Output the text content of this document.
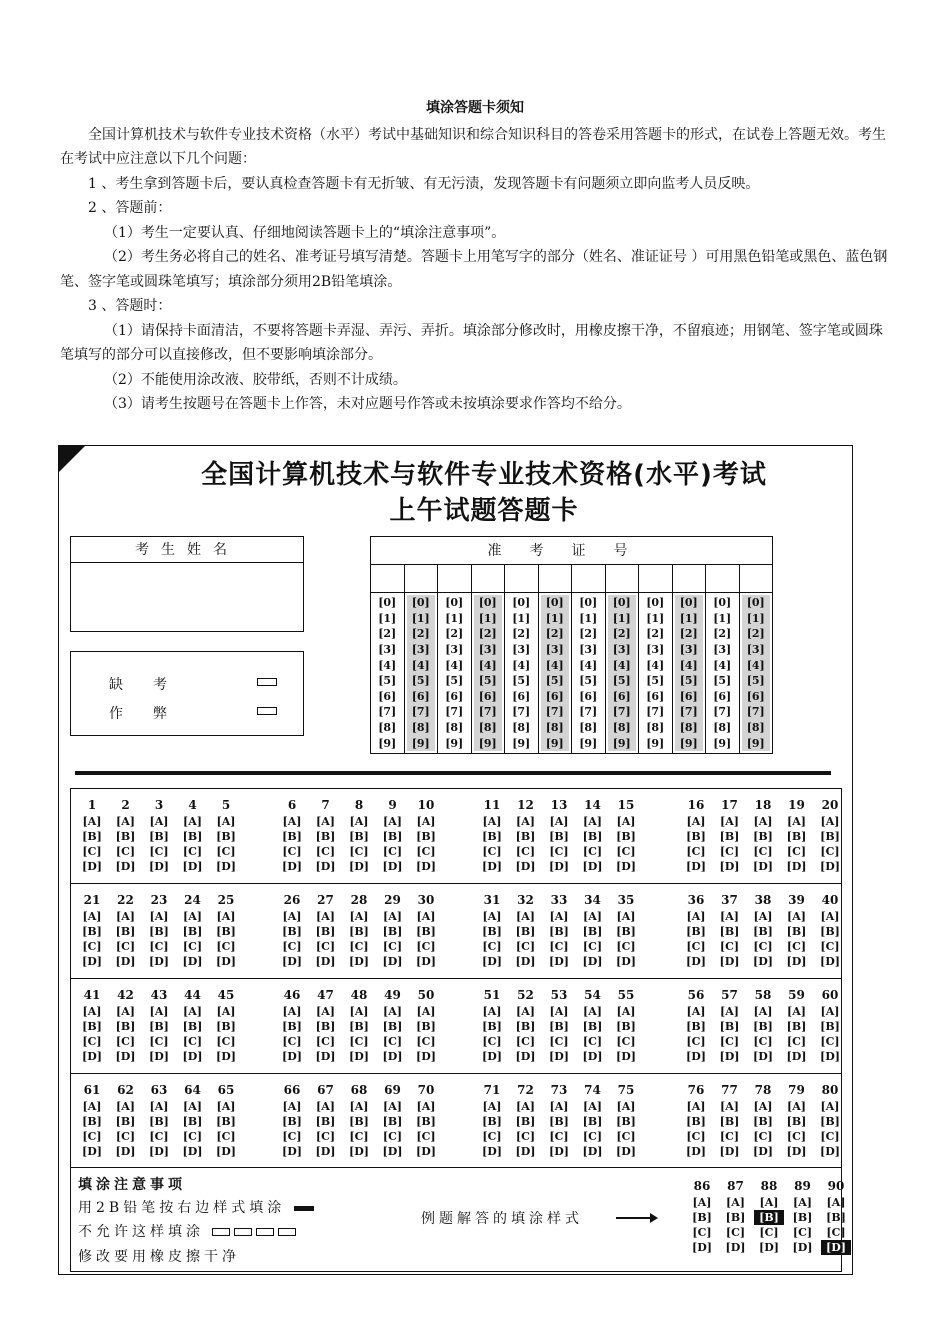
填涂答题卡须知

全国计算机技术与软件专业技术资格（水平）考试中基础知识和综合知识科目的答卷采用答题卡的形式，在试卷上答题无效。考生在考试中应注意以下几个问题：

1 、考生拿到答题卡后，要认真检查答题卡有无折皱、有无污渍，发现答题卡有问题须立即向监考人员反映。

2 、答题前：

（1）考生一定要认真、仔细地阅读答题卡上的“填涂注意事项”。

（2）考生务必将自己的姓名、准考证号填写清楚。答题卡上用笔写字的部分（姓名、准证证号 ）可用黑色铅笔或黑色、蓝色钢笔、签字笔或圆珠笔填写；填涂部分须用2B铅笔填涂。

3 、答题时：

（1）请保持卡面清洁，不要将答题卡弄湿、弄污、弄折。填涂部分修改时，用橡皮擦干净，不留痕迹；用钢笔、签字笔或圆珠笔填写的部分可以直接修改，但不要影响填涂部分。

（2）不能使用涂改液、胶带纸，否则不计成绩。

（3）请考生按题号在答题卡上作答，未对应题号作答或未按填涂要求作答均不给分。

全国计算机技术与软件专业技术资格(水平)考试
上午试题答题卡
考生姓名
缺考
作弊
准考证号
[0]
[1]
[2]
[3]
[4]
[5]
[6]
[7]
[8]
[9]
[0]
[1]
[2]
[3]
[4]
[5]
[6]
[7]
[8]
[9]
[0]
[1]
[2]
[3]
[4]
[5]
[6]
[7]
[8]
[9]
[0]
[1]
[2]
[3]
[4]
[5]
[6]
[7]
[8]
[9]
[0]
[1]
[2]
[3]
[4]
[5]
[6]
[7]
[8]
[9]
[0]
[1]
[2]
[3]
[4]
[5]
[6]
[7]
[8]
[9]
[0]
[1]
[2]
[3]
[4]
[5]
[6]
[7]
[8]
[9]
[0]
[1]
[2]
[3]
[4]
[5]
[6]
[7]
[8]
[9]
[0]
[1]
[2]
[3]
[4]
[5]
[6]
[7]
[8]
[9]
[0]
[1]
[2]
[3]
[4]
[5]
[6]
[7]
[8]
[9]
[0]
[1]
[2]
[3]
[4]
[5]
[6]
[7]
[8]
[9]
[0]
[1]
[2]
[3]
[4]
[5]
[6]
[7]
[8]
[9]
1
[A]
[B]
[C]
[D]
2
[A]
[B]
[C]
[D]
3
[A]
[B]
[C]
[D]
4
[A]
[B]
[C]
[D]
5
[A]
[B]
[C]
[D]
6
[A]
[B]
[C]
[D]
7
[A]
[B]
[C]
[D]
8
[A]
[B]
[C]
[D]
9
[A]
[B]
[C]
[D]
10
[A]
[B]
[C]
[D]
11
[A]
[B]
[C]
[D]
12
[A]
[B]
[C]
[D]
13
[A]
[B]
[C]
[D]
14
[A]
[B]
[C]
[D]
15
[A]
[B]
[C]
[D]
16
[A]
[B]
[C]
[D]
17
[A]
[B]
[C]
[D]
18
[A]
[B]
[C]
[D]
19
[A]
[B]
[C]
[D]
20
[A]
[B]
[C]
[D]
21
[A]
[B]
[C]
[D]
22
[A]
[B]
[C]
[D]
23
[A]
[B]
[C]
[D]
24
[A]
[B]
[C]
[D]
25
[A]
[B]
[C]
[D]
26
[A]
[B]
[C]
[D]
27
[A]
[B]
[C]
[D]
28
[A]
[B]
[C]
[D]
29
[A]
[B]
[C]
[D]
30
[A]
[B]
[C]
[D]
31
[A]
[B]
[C]
[D]
32
[A]
[B]
[C]
[D]
33
[A]
[B]
[C]
[D]
34
[A]
[B]
[C]
[D]
35
[A]
[B]
[C]
[D]
36
[A]
[B]
[C]
[D]
37
[A]
[B]
[C]
[D]
38
[A]
[B]
[C]
[D]
39
[A]
[B]
[C]
[D]
40
[A]
[B]
[C]
[D]
41
[A]
[B]
[C]
[D]
42
[A]
[B]
[C]
[D]
43
[A]
[B]
[C]
[D]
44
[A]
[B]
[C]
[D]
45
[A]
[B]
[C]
[D]
46
[A]
[B]
[C]
[D]
47
[A]
[B]
[C]
[D]
48
[A]
[B]
[C]
[D]
49
[A]
[B]
[C]
[D]
50
[A]
[B]
[C]
[D]
51
[A]
[B]
[C]
[D]
52
[A]
[B]
[C]
[D]
53
[A]
[B]
[C]
[D]
54
[A]
[B]
[C]
[D]
55
[A]
[B]
[C]
[D]
56
[A]
[B]
[C]
[D]
57
[A]
[B]
[C]
[D]
58
[A]
[B]
[C]
[D]
59
[A]
[B]
[C]
[D]
60
[A]
[B]
[C]
[D]
61
[A]
[B]
[C]
[D]
62
[A]
[B]
[C]
[D]
63
[A]
[B]
[C]
[D]
64
[A]
[B]
[C]
[D]
65
[A]
[B]
[C]
[D]
66
[A]
[B]
[C]
[D]
67
[A]
[B]
[C]
[D]
68
[A]
[B]
[C]
[D]
69
[A]
[B]
[C]
[D]
70
[A]
[B]
[C]
[D]
71
[A]
[B]
[C]
[D]
72
[A]
[B]
[C]
[D]
73
[A]
[B]
[C]
[D]
74
[A]
[B]
[C]
[D]
75
[A]
[B]
[C]
[D]
76
[A]
[B]
[C]
[D]
77
[A]
[B]
[C]
[D]
78
[A]
[B]
[C]
[D]
79
[A]
[B]
[C]
[D]
80
[A]
[B]
[C]
[D]
填涂注意事项
用2B铅笔按右边样式填涂
不允许这样填涂
修改要用橡皮擦干净
例题解答的填涂样式
86
[A]
[B]
[C]
[D]
87
[A]
[B]
[C]
[D]
88
[A]
[B]
[C]
[D]
89
[A]
[B]
[C]
[D]
90
[A]
[B]
[C]
[D]
